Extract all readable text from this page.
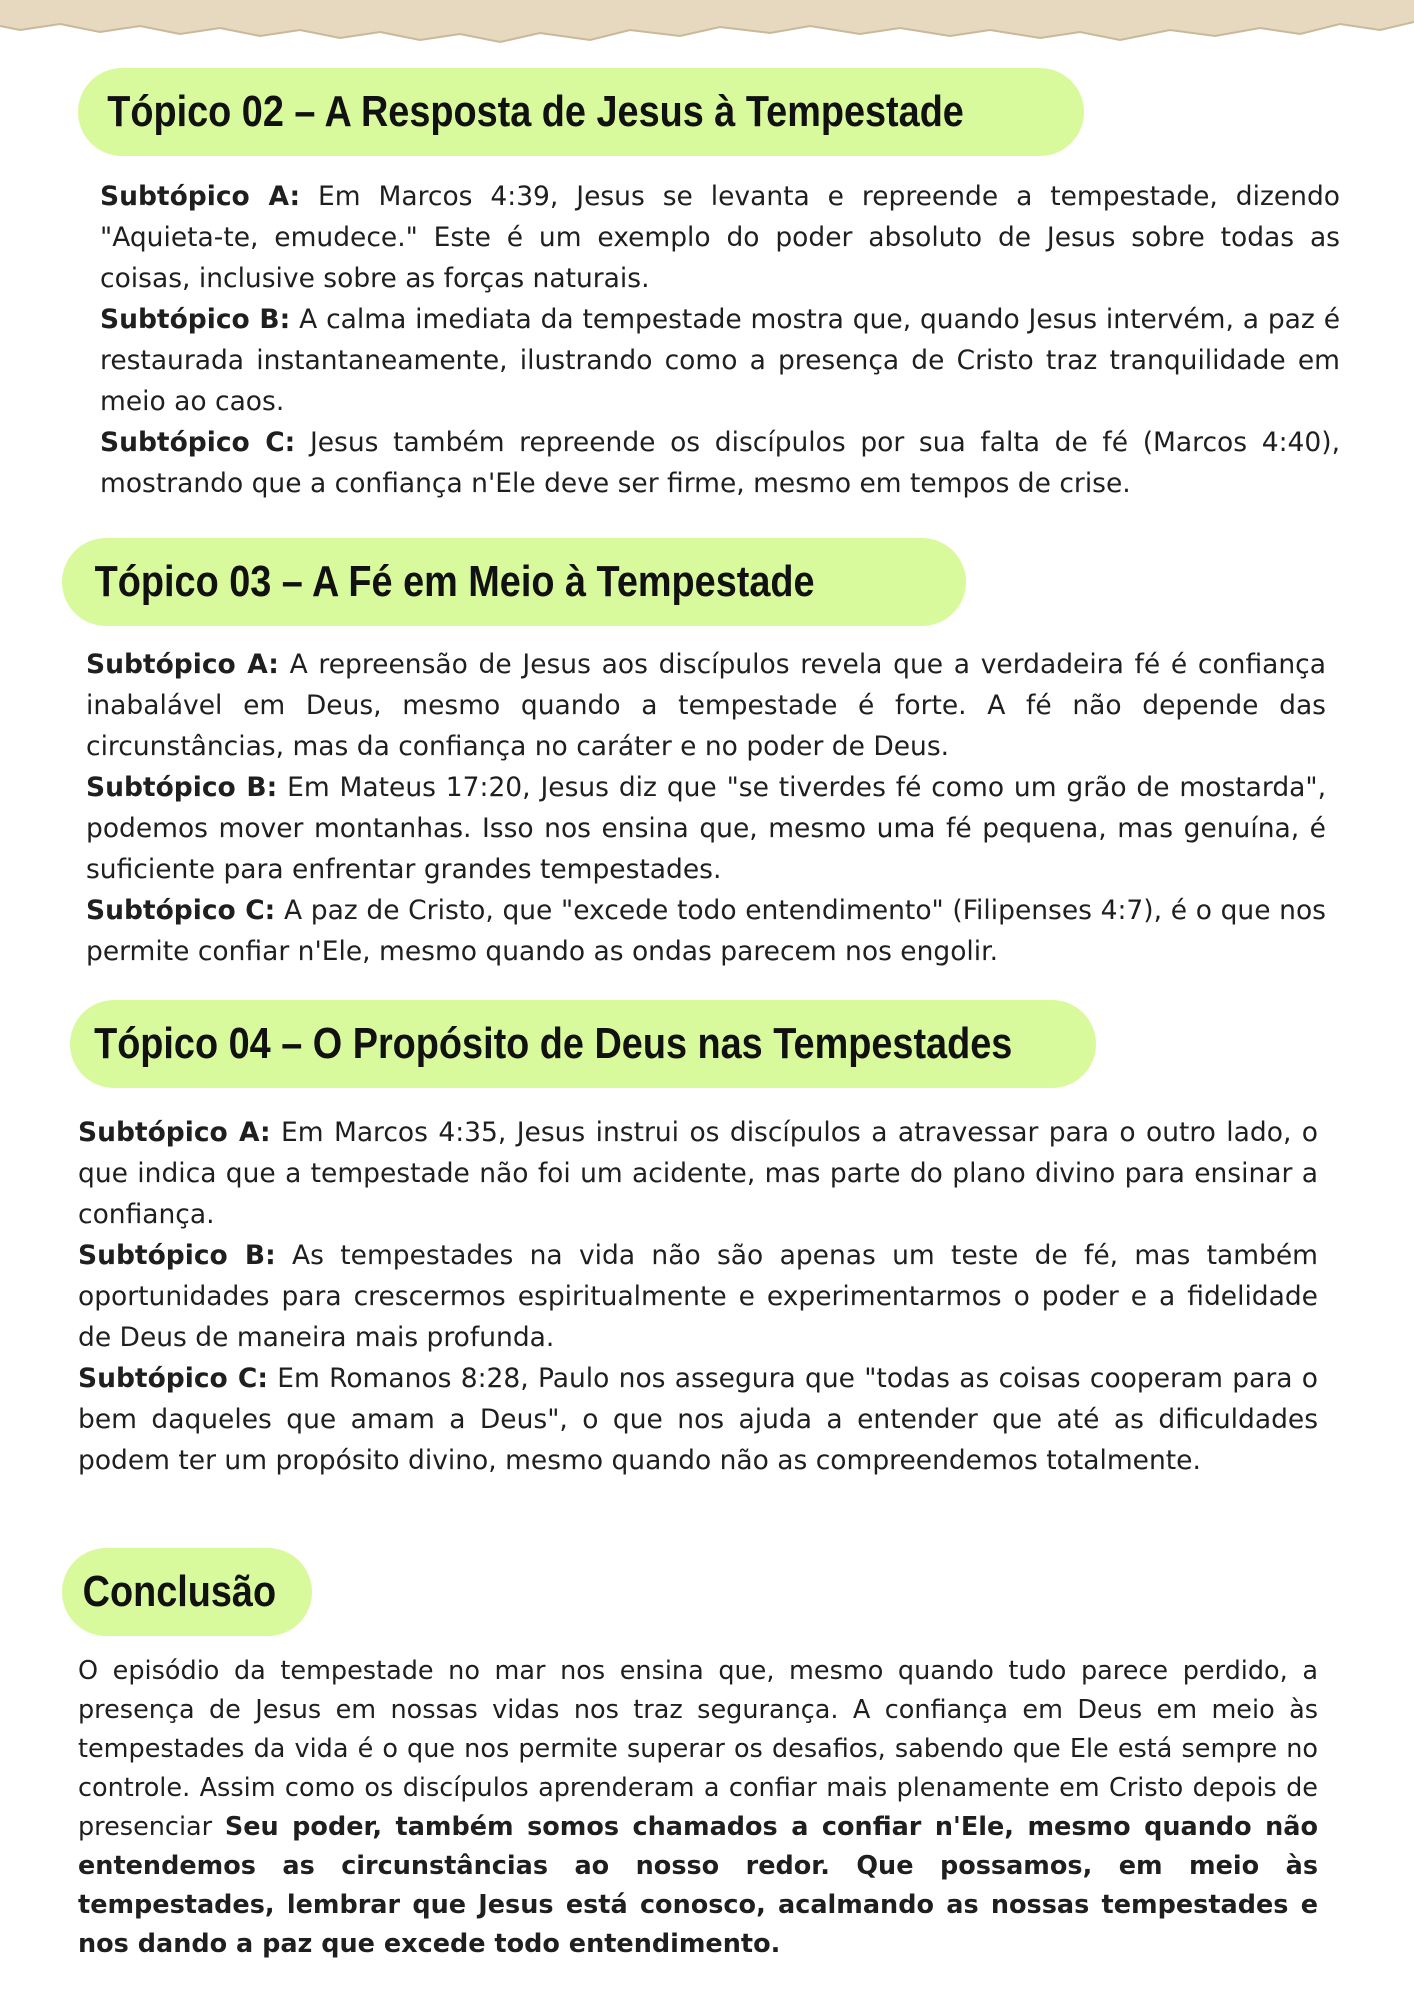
Tópico 02 – A Resposta de Jesus à Tempestade

Subtópico A: Em Marcos 4:39, Jesus se levanta e repreende a tempestade, dizendo "Aquieta-te, emudece." Este é um exemplo do poder absoluto de Jesus sobre todas as coisas, inclusive sobre as forças naturais.

Subtópico B: A calma imediata da tempestade mostra que, quando Jesus intervém, a paz é restaurada instantaneamente, ilustrando como a presença de Cristo traz tranquilidade em meio ao caos.

Subtópico C: Jesus também repreende os discípulos por sua falta de fé (Marcos 4:40), mostrando que a confiança n'Ele deve ser firme, mesmo em tempos de crise.

Tópico 03 – A Fé em Meio à Tempestade

Subtópico A: A repreensão de Jesus aos discípulos revela que a verdadeira fé é confiança inabalável em Deus, mesmo quando a tempestade é forte. A fé não depende das circunstâncias, mas da confiança no caráter e no poder de Deus.

Subtópico B: Em Mateus 17:20, Jesus diz que "se tiverdes fé como um grão de mostarda", podemos mover montanhas. Isso nos ensina que, mesmo uma fé pequena, mas genuína, é suficiente para enfrentar grandes tempestades.

Subtópico C: A paz de Cristo, que "excede todo entendimento" (Filipenses 4:7), é o que nos permite confiar n'Ele, mesmo quando as ondas parecem nos engolir.

Tópico 04 – O Propósito de Deus nas Tempestades

Subtópico A: Em Marcos 4:35, Jesus instrui os discípulos a atravessar para o outro lado, o que indica que a tempestade não foi um acidente, mas parte do plano divino para ensinar a confiança.

Subtópico B: As tempestades na vida não são apenas um teste de fé, mas também oportunidades para crescermos espiritualmente e experimentarmos o poder e a fidelidade de Deus de maneira mais profunda.

Subtópico C: Em Romanos 8:28, Paulo nos assegura que "todas as coisas cooperam para o bem daqueles que amam a Deus", o que nos ajuda a entender que até as dificuldades podem ter um propósito divino, mesmo quando não as compreendemos totalmente.

Conclusão
O episódio da tempestade no mar nos ensina que, mesmo quando tudo parece perdido, a presença de Jesus em nossas vidas nos traz segurança. A confiança em Deus em meio às tempestades da vida é o que nos permite superar os desafios, sabendo que Ele está sempre no controle. Assim como os discípulos aprenderam a confiar mais plenamente em Cristo depois de presenciar Seu poder, também somos chamados a confiar n'Ele, mesmo quando não entendemos as circunstâncias ao nosso redor. Que possamos, em meio às tempestades, lembrar que Jesus está conosco, acalmando as nossas tempestades e nos dando a paz que excede todo entendimento.
